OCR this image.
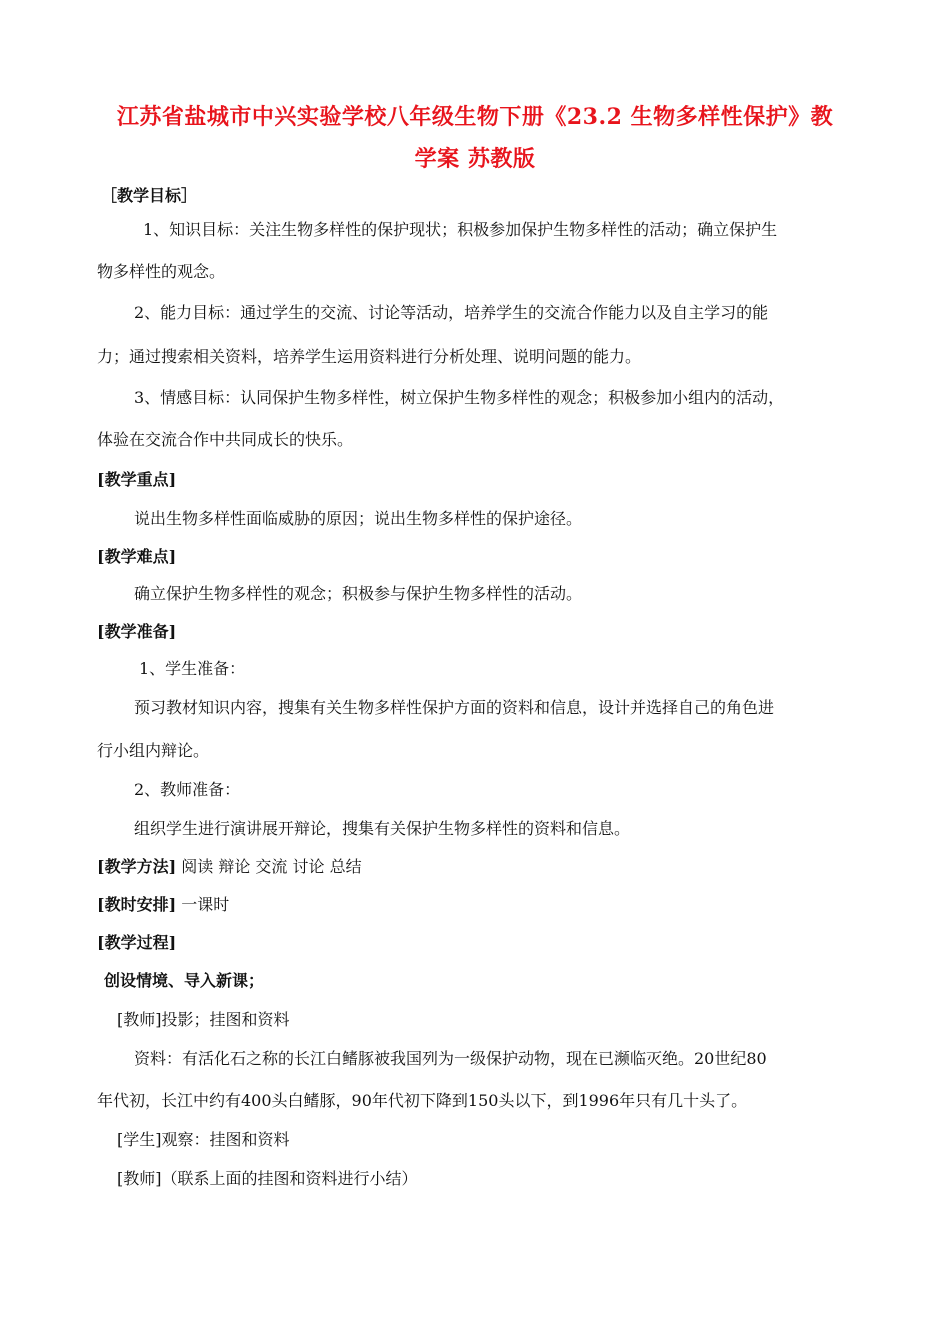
江苏省盐城市中兴实验学校八年级生物下册《23.2 生物多样性保护》教
学案 苏教版
［教学目标］
1、知识目标：关注生物多样性的保护现状；积极参加保护生物多样性的活动；确立保护生
物多样性的观念。
2、能力目标：通过学生的交流、讨论等活动，培养学生的交流合作能力以及自主学习的能
力；通过搜索相关资料，培养学生运用资料进行分析处理、说明问题的能力。
3、情感目标：认同保护生物多样性，树立保护生物多样性的观念；积极参加小组内的活动，
体验在交流合作中共同成长的快乐。
[教学重点]
说出生物多样性面临威胁的原因；说出生物多样性的保护途径。
[教学难点]
确立保护生物多样性的观念；积极参与保护生物多样性的活动。
[教学准备]
1、学生准备：
预习教材知识内容，搜集有关生物多样性保护方面的资料和信息，设计并选择自己的角色进
行小组内辩论。
2、教师准备：
组织学生进行演讲展开辩论，搜集有关保护生物多样性的资料和信息。
[教学方法] 阅读 辩论 交流 讨论 总结
[教时安排] 一课时
[教学过程]
创设情境、导入新课；
[教师]投影；挂图和资料
资料：有活化石之称的长江白鳍豚被我国列为一级保护动物，现在已濒临灭绝。20世纪80
年代初，长江中约有400头白鳍豚，90年代初下降到150头以下，到1996年只有几十头了。
[学生]观察：挂图和资料
[教师]（联系上面的挂图和资料进行小结）
